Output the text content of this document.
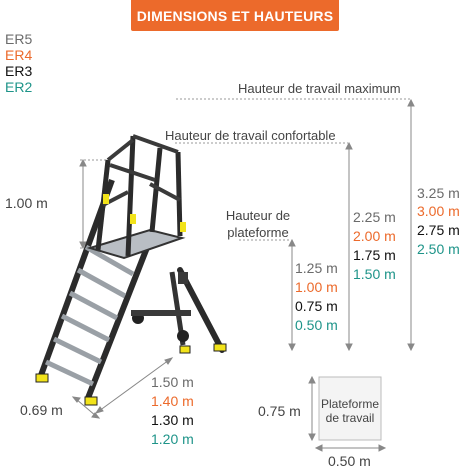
DIMENSIONS ET HAUTEURS
ER5
ER4
ER3
ER2	Hauteur de travail maximum
Hauteur de travail confortable
Hauteur de
plateforme
1.00 m
3.25 m
3.00 m
2.75 m
2.50 m
2.25 m
2.00 m
1.75 m
1.50 m
1.25 m
1.00 m
0.75 m
0.50 m
1.50 m
1.40 m
1.30 m
1.20 m
0.69 m	Plateforme
de travail
0.75 m
0.50 m
